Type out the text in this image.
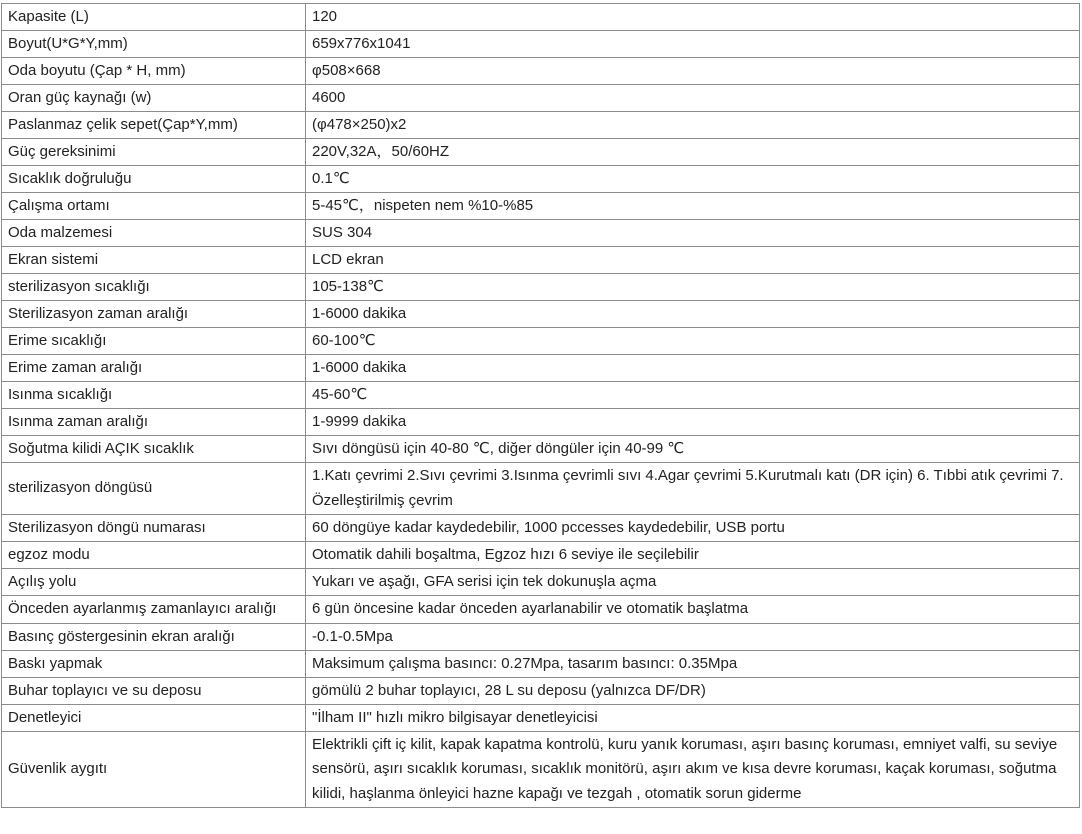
Kapasite (L)	120
Boyut(U*G*Y,mm)	659x776x1041
Oda boyutu (Çap * H, mm)	φ508×668
Oran güç kaynağı (w)	4600
Paslanmaz çelik sepet(Çap*Y,mm)	(φ478×250)x2
Güç gereksinimi	220V,32A，50/60HZ
Sıcaklık doğruluğu	0.1℃
Çalışma ortamı	5-45℃，nispeten nem %10-%85
Oda malzemesi	SUS 304
Ekran sistemi	LCD ekran
sterilizasyon sıcaklığı	105-138℃
Sterilizasyon zaman aralığı	1-6000 dakika
Erime sıcaklığı	60-100℃
Erime zaman aralığı	1-6000 dakika
Isınma sıcaklığı	45-60℃
Isınma zaman aralığı	1-9999 dakika
Soğutma kilidi AÇIK sıcaklık	Sıvı döngüsü için 40-80 ℃, diğer döngüler için 40-99 ℃
sterilizasyon döngüsü	1.Katı çevrimi 2.Sıvı çevrimi 3.Isınma çevrimli sıvı 4.Agar çevrimi 5.Kurutmalı katı (DR için) 6. Tıbbi atık çevrimi 7. Özelleştirilmiş çevrim
Sterilizasyon döngü numarası	60 döngüye kadar kaydedebilir, 1000 pccesses kaydedebilir, USB portu
egzoz modu	Otomatik dahili boşaltma, Egzoz hızı 6 seviye ile seçilebilir
Açılış yolu	Yukarı ve aşağı, GFA serisi için tek dokunuşla açma
Önceden ayarlanmış zamanlayıcı aralığı	6 gün öncesine kadar önceden ayarlanabilir ve otomatik başlatma
Basınç göstergesinin ekran aralığı	-0.1-0.5Mpa
Baskı yapmak	Maksimum çalışma basıncı: 0.27Mpa, tasarım basıncı: 0.35Mpa
Buhar toplayıcı ve su deposu	gömülü 2 buhar toplayıcı, 28 L su deposu (yalnızca DF/DR)
Denetleyici	"İlham II" hızlı mikro bilgisayar denetleyicisi
Güvenlik aygıtı	Elektrikli çift iç kilit, kapak kapatma kontrolü, kuru yanık koruması, aşırı basınç koruması, emniyet valfi, su seviye sensörü, aşırı sıcaklık koruması, sıcaklık monitörü, aşırı akım ve kısa devre koruması, kaçak koruması, soğutma kilidi, haşlanma önleyici hazne kapağı ve tezgah , otomatik sorun giderme
